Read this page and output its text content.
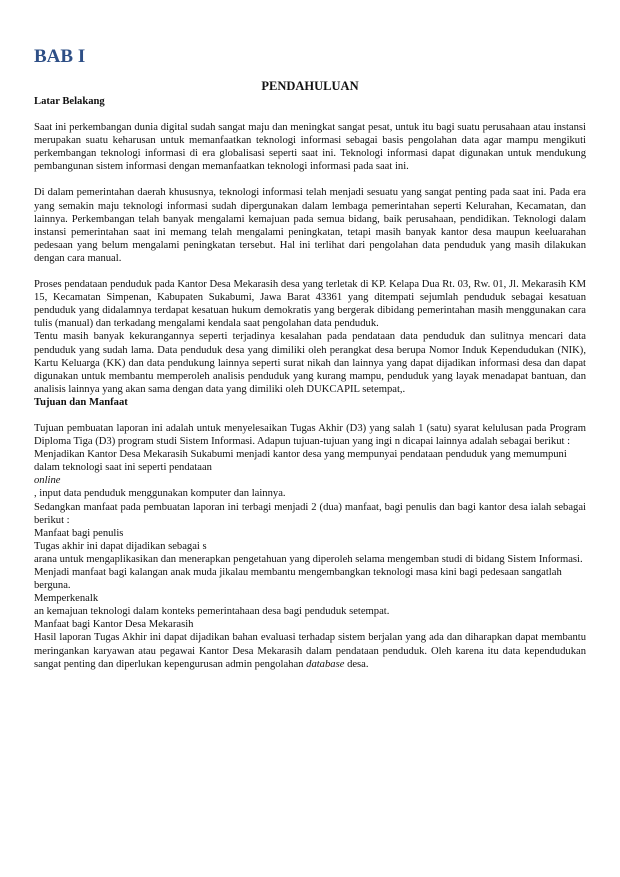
BAB I
PENDAHULUAN

Latar Belakang

Saat ini perkembangan dunia digital sudah sangat maju dan meningkat sangat pesat, untuk itu bagi suatu perusahaan atau instansi merupakan suatu keharusan untuk memanfaatkan teknologi informasi sebagai basis pengolahan data agar mampu mengikuti perkembangan teknologi informasi di era globalisasi seperti saat ini. Teknologi informasi dapat digunakan untuk mendukung pembangunan sistem informasi dengan memanfaatkan teknologi informasi pada saat ini.

Di dalam pemerintahan daerah khususnya, teknologi informasi telah menjadi sesuatu yang sangat penting pada saat ini. Pada era yang semakin maju teknologi informasi sudah dipergunakan dalam lembaga pemerintahan seperti Kelurahan, Kecamatan, dan lainnya. Perkembangan telah banyak mengalami kemajuan pada semua bidang, baik perusahaan, pendidikan. Teknologi dalam instansi pemerintahan saat ini memang telah mengalami peningkatan, tetapi masih banyak kantor desa maupun keeluarahan pedesaan yang belum mengalami peningkatan tersebut. Hal ini terlihat dari pengolahan data penduduk yang masih dilakukan dengan cara manual.

Proses pendataan penduduk pada Kantor Desa Mekarasih desa yang terletak di KP. Kelapa Dua Rt. 03, Rw. 01, Jl. Mekarasih KM 15, Kecamatan Simpenan, Kabupaten Sukabumi, Jawa Barat 43361 yang ditempati sejumlah penduduk sebagai kesatuan penduduk yang didalamnya terdapat kesatuan hukum demokratis yang bergerak dibidang pemerintahan masih menggunakan cara tulis (manual) dan terkadang mengalami kendala saat pengolahan data penduduk.

Tentu masih banyak kekurangannya seperti terjadinya kesalahan pada pendataan data penduduk dan sulitnya mencari data penduduk yang sudah lama. Data penduduk desa yang dimiliki oleh perangkat desa berupa Nomor Induk Kependudukan (NIK), Kartu Keluarga (KK) dan data pendukung lainnya seperti surat nikah dan lainnya yang dapat dijadikan informasi desa dan dapat digunakan untuk membantu memperoleh analisis penduduk yang kurang mampu, penduduk yang layak menadapat bantuan, dan analisis lainnya yang akan sama dengan data yang dimiliki oleh DUKCAPIL setempat,.

Tujuan dan Manfaat

Tujuan pembuatan laporan ini adalah untuk menyelesaikan Tugas Akhir (D3) yang salah 1 (satu) syarat kelulusan pada Program Diploma Tiga (D3) program studi Sistem Informasi. Adapun tujuan-tujuan yang ingi n dicapai lainnya adalah sebagai berikut :

Menjadikan Kantor Desa Mekarasih Sukabumi menjadi kantor desa yang mempunyai pendataan penduduk yang memumpuni dalam teknologi saat ini seperti pendataan

online

, input data penduduk menggunakan komputer dan lainnya.

Sedangkan manfaat pada pembuatan laporan ini terbagi menjadi 2 (dua) manfaat, bagi penulis dan bagi kantor desa ialah sebagai berikut :

Manfaat bagi penulis

Tugas akhir ini dapat dijadikan sebagai s

arana untuk mengaplikasikan dan menerapkan pengetahuan yang diperoleh selama mengemban studi di bidang Sistem Informasi.

Menjadi manfaat bagi kalangan anak muda jikalau membantu mengembangkan teknologi masa kini bagi pedesaan sangatlah berguna.

Memperkenalk

an kemajuan teknologi dalam konteks pemerintahaan desa bagi penduduk setempat.

Manfaat bagi Kantor Desa Mekarasih

Hasil laporan Tugas Akhir ini dapat dijadikan bahan evaluasi terhadap sistem berjalan yang ada dan diharapkan dapat membantu meringankan karyawan atau pegawai Kantor Desa Mekarasih dalam pendataan penduduk. Oleh karena itu data kependudukan sangat penting dan diperlukan kepengurusan admin pengolahan database desa.
